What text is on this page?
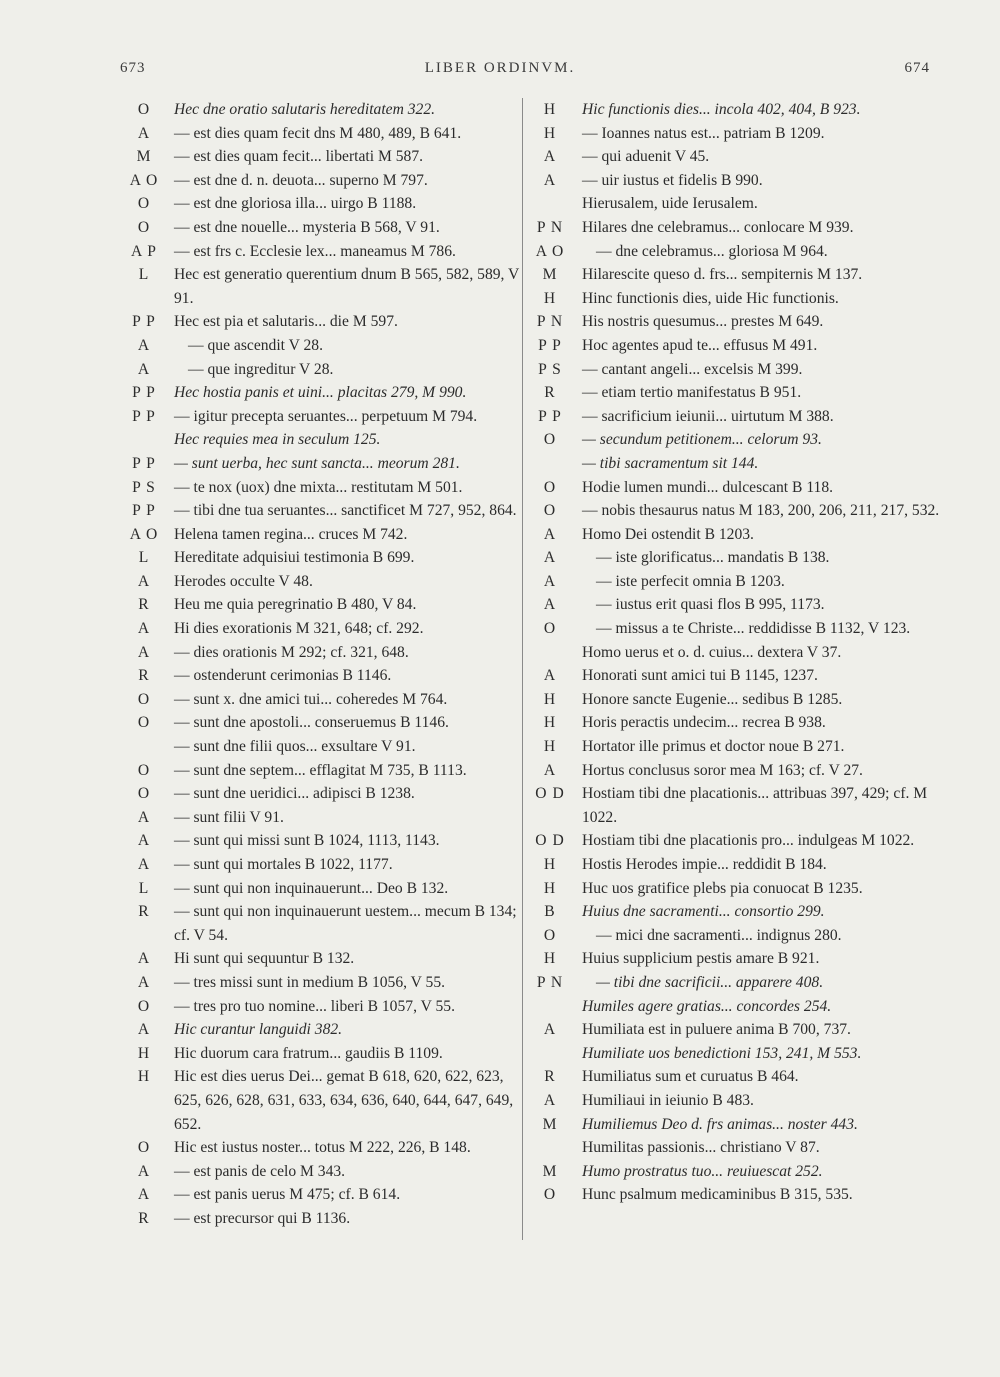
673	LIBER ORDINVM.	674
O	Hec dne oratio salutaris hereditatem 322.
A	— est dies quam fecit dns M 480, 489, B 641.
M	— est dies quam fecit... libertati M 587.
A O	— est dne d. n. deuota... superno M 797.
O	— est dne gloriosa illa... uirgo B 1188.
O	— est dne nouelle... mysteria B 568, V 91.
A P	— est frs c. Ecclesie lex... maneamus M 786.
L	Hec est generatio querentium dnum B 565, 582, 589, V 91.
P P	Hec est pia et salutaris... die M 597.
A	— que ascendit V 28.
A	— que ingreditur V 28.
P P	Hec hostia panis et uini... placitas 279, M 990.
P P	— igitur precepta seruantes... perpetuum M 794.
Hec requies mea in seculum 125.
P P	— sunt uerba, hec sunt sancta... meorum 281.
P S	— te nox (uox) dne mixta... restitutam M 501.
P P	— tibi dne tua seruantes... sanctificet M 727, 952, 864.
A O	Helena tamen regina... cruces M 742.
L	Hereditate adquisiui testimonia B 699.
A	Herodes occulte V 48.
R	Heu me quia peregrinatio B 480, V 84.
A	Hi dies exorationis M 321, 648; cf. 292.
A	— dies orationis M 292; cf. 321, 648.
R	— ostenderunt cerimonias B 1146.
O	— sunt x. dne amici tui... coheredes M 764.
O	— sunt dne apostoli... conseruemus B 1146.
— sunt dne filii quos... exsultare V 91.
O	— sunt dne septem... efflagitat M 735, B 1113.
O	— sunt dne ueridici... adipisci B 1238.
A	— sunt filii V 91.
A	— sunt qui missi sunt B 1024, 1113, 1143.
A	— sunt qui mortales B 1022, 1177.
L	— sunt qui non inquinauerunt... Deo B 132.
R	— sunt qui non inquinauerunt uestem... mecum B 134; cf. V 54.
A	Hi sunt qui sequuntur B 132.
A	— tres missi sunt in medium B 1056, V 55.
O	— tres pro tuo nomine... liberi B 1057, V 55.
A	Hic curantur languidi 382.
H	Hic duorum cara fratrum... gaudiis B 1109.
H	Hic est dies uerus Dei... gemat B 618, 620, 622, 623, 625, 626, 628, 631, 633, 634, 636, 640, 644, 647, 649, 652.
O	Hic est iustus noster... totus M 222, 226, B 148.
A	— est panis de celo M 343.
A	— est panis uerus M 475; cf. B 614.
R	— est precursor qui B 1136.
H	Hic functionis dies... incola 402, 404, B 923.
H	— Ioannes natus est... patriam B 1209.
A	— qui aduenit V 45.
A	— uir iustus et fidelis B 990.
Hierusalem, uide Ierusalem.
P N	Hilares dne celebramus... conlocare M 939.
A O	— dne celebramus... gloriosa M 964.
M	Hilarescite queso d. frs... sempiternis M 137.
H	Hinc functionis dies, uide Hic functionis.
P N	His nostris quesumus... prestes M 649.
P P	Hoc agentes apud te... effusus M 491.
P S	— cantant angeli... excelsis M 399.
R	— etiam tertio manifestatus B 951.
P P	— sacrificium ieiunii... uirtutum M 388.
O	— secundum petitionem... celorum 93.
— tibi sacramentum sit 144.
O	Hodie lumen mundi... dulcescant B 118.
O	— nobis thesaurus natus M 183, 200, 206, 211, 217, 532.
A	Homo Dei ostendit B 1203.
A	— iste glorificatus... mandatis B 138.
A	— iste perfecit omnia B 1203.
A	— iustus erit quasi flos B 995, 1173.
O	— missus a te Christe... reddidisse B 1132, V 123.
Homo uerus et o. d. cuius... dextera V 37.
A	Honorati sunt amici tui B 1145, 1237.
H	Honore sancte Eugenie... sedibus B 1285.
H	Horis peractis undecim... recrea B 938.
H	Hortator ille primus et doctor noue B 271.
A	Hortus conclusus soror mea M 163; cf. V 27.
O D	Hostiam tibi dne placationis... attribuas 397, 429; cf. M 1022.
O D	Hostiam tibi dne placationis pro... indulgeas M 1022.
H	Hostis Herodes impie... reddidit B 184.
H	Huc uos gratifice plebs pia conuocat B 1235.
B	Huius dne sacramenti... consortio 299.
O	— mici dne sacramenti... indignus 280.
H	Huius supplicium pestis amare B 921.
P N	— tibi dne sacrificii... apparere 408.
Humiles agere gratias... concordes 254.
A	Humiliata est in puluere anima B 700, 737.
Humiliate uos benedictioni 153, 241, M 553.
R	Humiliatus sum et curuatus B 464.
A	Humiliaui in ieiunio B 483.
M	Humiliemus Deo d. frs animas... noster 443.
Humilitas passionis... christiano V 87.
M	Humo prostratus tuo... reuiuescat 252.
O	Hunc psalmum medicaminibus B 315, 535.
